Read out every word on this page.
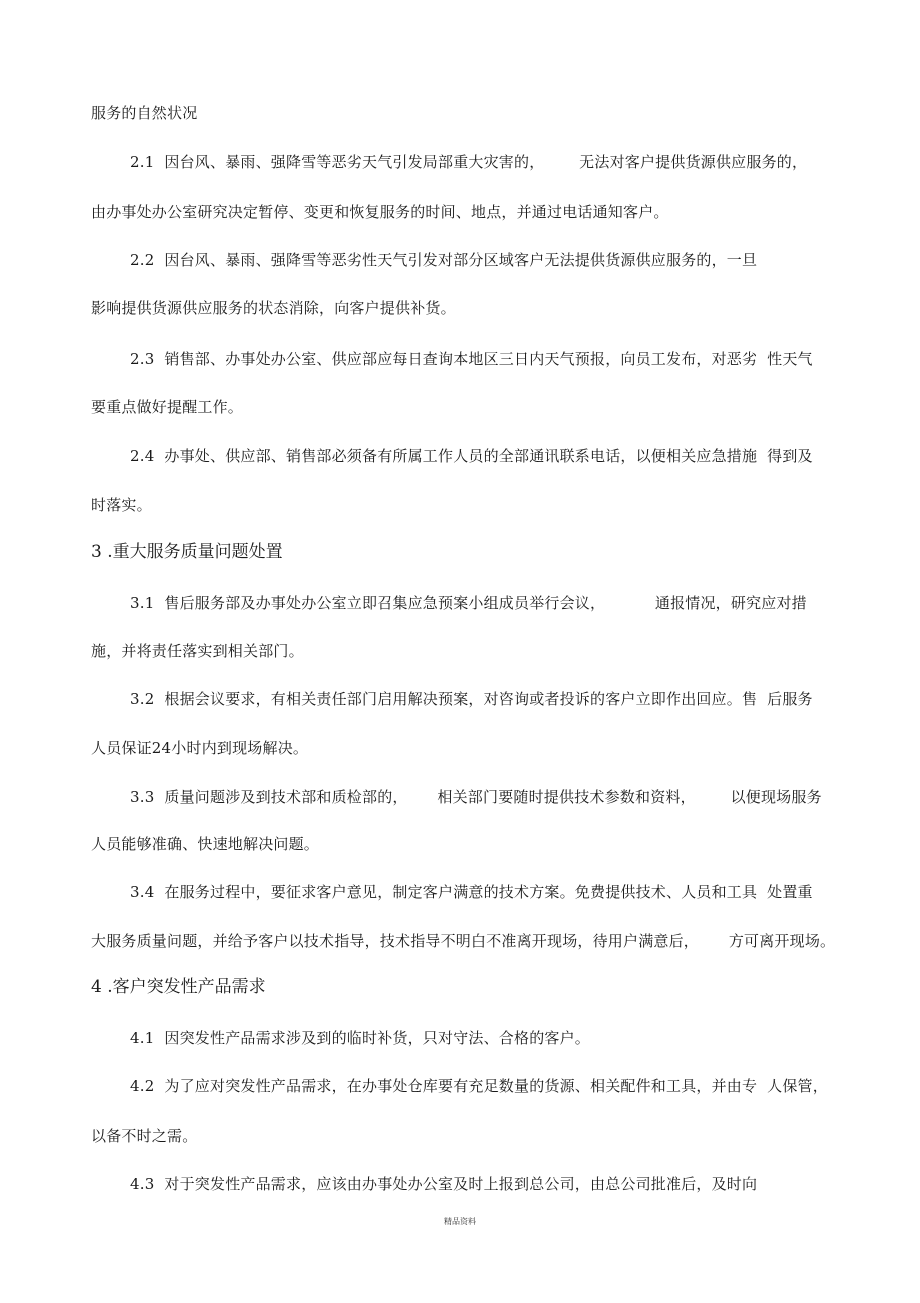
服务的自然状况
2.1  因台风、暴雨、强降雪等恶劣天气引发局部重大灾害的，       无法对客户提供货源供应服务的，
由办事处办公室研究决定暂停、变更和恢复服务的时间、地点，并通过电话通知客户。
2.2  因台风、暴雨、强降雪等恶劣性天气引发对部分区域客户无法提供货源供应服务的，一旦
影响提供货源供应服务的状态消除，向客户提供补货。
2.3  销售部、办事处办公室、供应部应每日查询本地区三日内天气预报，向员工发布，对恶劣  性天气
要重点做好提醒工作。
2.4  办事处、供应部、销售部必须备有所属工作人员的全部通讯联系电话，以便相关应急措施  得到及
时落实。
3 .重大服务质量问题处置
3.1  售后服务部及办事处办公室立即召集应急预案小组成员举行会议，          通报情况，研究应对措
施，并将责任落实到相关部门。
3.2  根据会议要求，有相关责任部门启用解决预案，对咨询或者投诉的客户立即作出回应。售  后服务
人员保证24小时内到现场解决。
3.3  质量问题涉及到技术部和质检部的，      相关部门要随时提供技术参数和资料，       以便现场服务
人员能够准确、快速地解决问题。
3.4  在服务过程中，要征求客户意见，制定客户满意的技术方案。免费提供技术、人员和工具  处置重
大服务质量问题，并给予客户以技术指导，技术指导不明白不准离开现场，待用户满意后，      方可离开现场。
4 .客户突发性产品需求
4.1  因突发性产品需求涉及到的临时补货，只对守法、合格的客户。
4.2  为了应对突发性产品需求，在办事处仓库要有充足数量的货源、相关配件和工具，并由专  人保管，
以备不时之需。
4.3  对于突发性产品需求，应该由办事处办公室及时上报到总公司，由总公司批准后，及时向
精品资料
